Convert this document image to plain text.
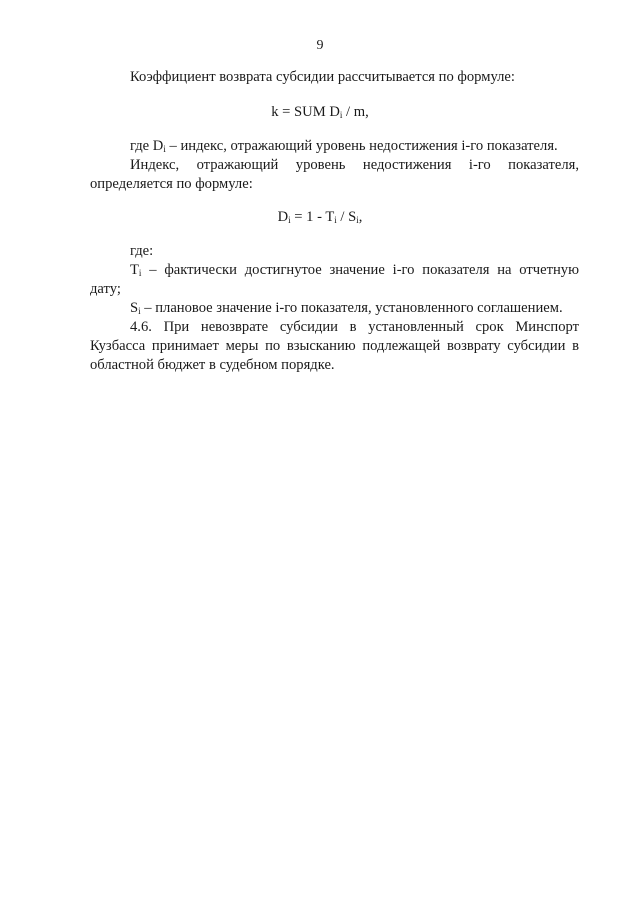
9
Коэффициент возврата субсидии рассчитывается по формуле:
k = SUM $D_i$ / m,
где $D_i$ – индекс, отражающий уровень недостижения i-го показателя.
Индекс, отражающий уровень недостижения i-го показателя,
определяется по формуле:
$D_i = 1 - T_i / S_i$,
где:
$T_i$ – фактически достигнутое значение i-го показателя на отчетную
дату;
$S_i$ – плановое значение i-го показателя, установленного соглашением.
4.6. При невозврате субсидии в установленный срок Минспорт
Кузбасса принимает меры по взысканию подлежащей возврату субсидии в
областной бюджет в судебном порядке.
